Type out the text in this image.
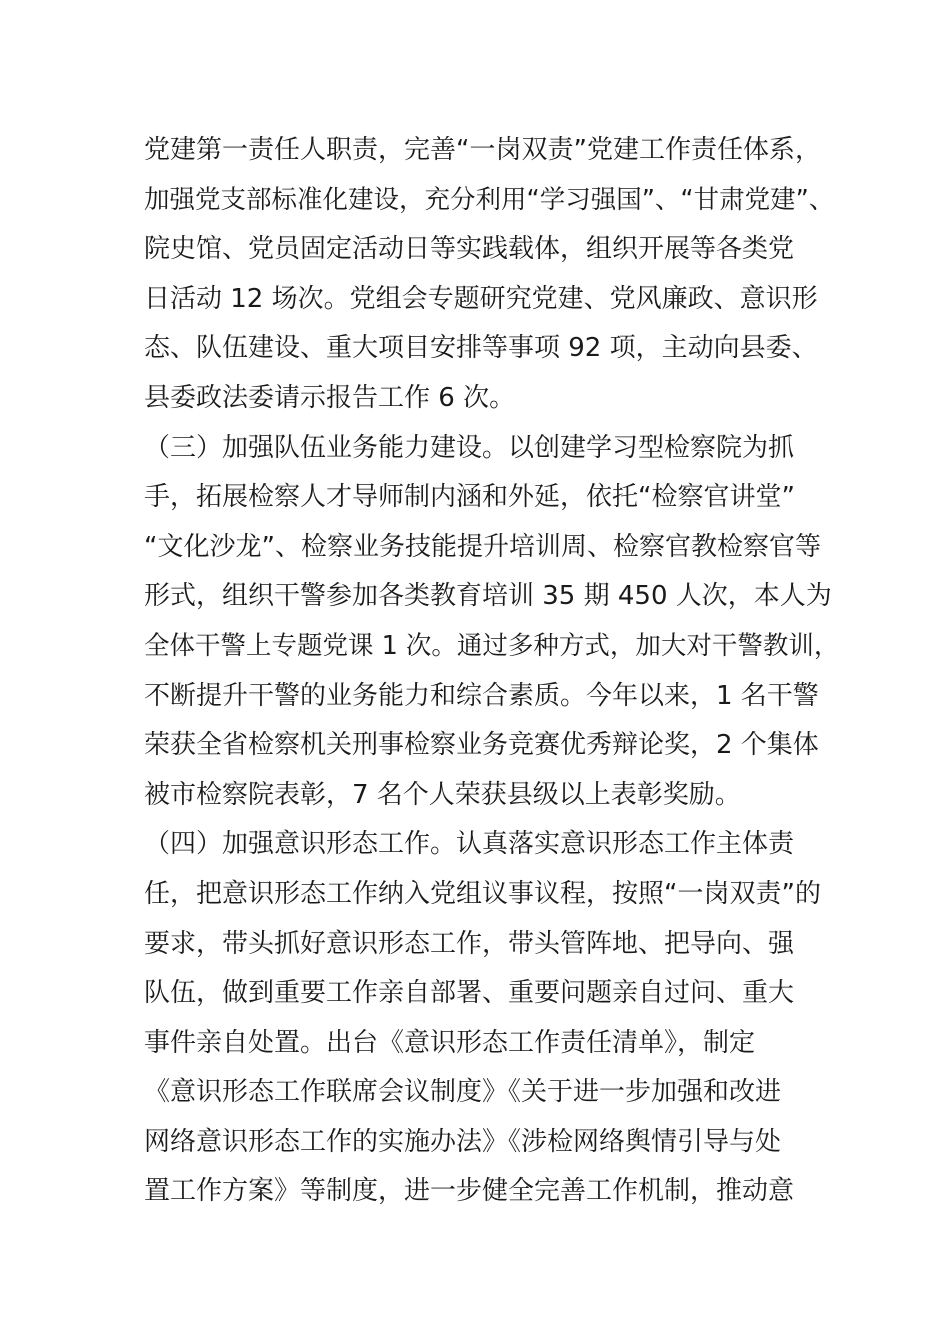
党建第一责任人职责，完善“一岗双责”党建工作责任体系，
加强党支部标准化建设，充分利用“学习强国”、“甘肃党建”、
院史馆、党员固定活动日等实践载体，组织开展等各类党
日活动 12 场次。党组会专题研究党建、党风廉政、意识形
态、队伍建设、重大项目安排等事项 92 项，主动向县委、
县委政法委请示报告工作 6 次。
（三）加强队伍业务能力建设。以创建学习型检察院为抓
手，拓展检察人才导师制内涵和外延，依托“检察官讲堂”
“文化沙龙”、检察业务技能提升培训周、检察官教检察官等
形式，组织干警参加各类教育培训 35 期 450 人次，本人为
全体干警上专题党课 1 次。通过多种方式，加大对干警教训，
不断提升干警的业务能力和综合素质。今年以来，1 名干警
荣获全省检察机关刑事检察业务竞赛优秀辩论奖，2 个集体
被市检察院表彰，7 名个人荣获县级以上表彰奖励。
（四）加强意识形态工作。认真落实意识形态工作主体责
任，把意识形态工作纳入党组议事议程，按照“一岗双责”的
要求，带头抓好意识形态工作，带头管阵地、把导向、强
队伍，做到重要工作亲自部署、重要问题亲自过问、重大
事件亲自处置。出台《意识形态工作责任清单》，制定
《意识形态工作联席会议制度》《关于进一步加强和改进
网络意识形态工作的实施办法》《涉检网络舆情引导与处
置工作方案》等制度，进一步健全完善工作机制，推动意
